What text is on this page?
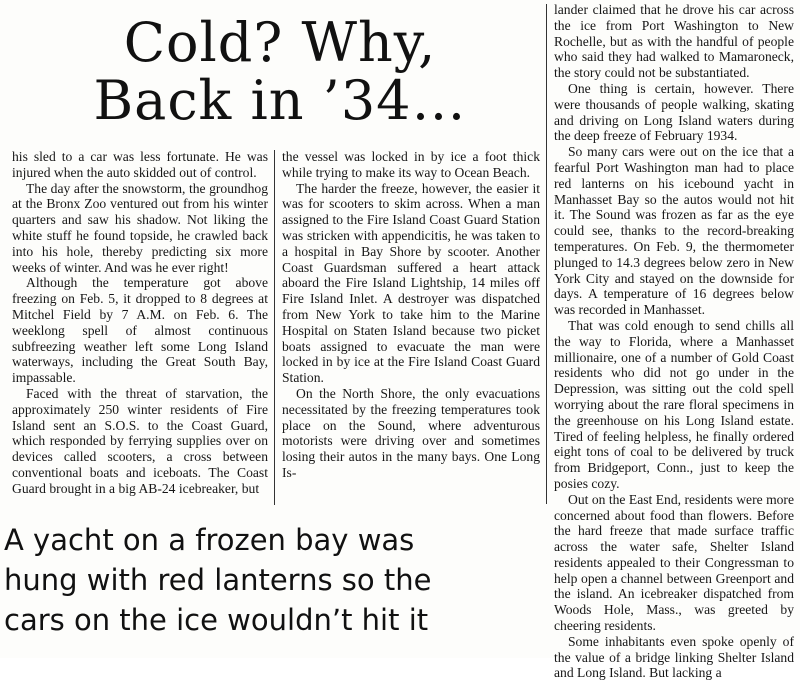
Cold? Why,
Back in ’34…

his sled to a car was less fortunate. He was injured when the auto skidded out of control.

The day after the snowstorm, the groundhog at the Bronx Zoo ventured out from his winter quarters and saw his shadow. Not liking the white stuff he found topside, he crawled back into his hole, thereby predicting six more weeks of winter. And was he ever right!

Although the temperature got above freezing on Feb. 5, it dropped to 8 degrees at Mitchel Field by 7 A.M. on Feb. 6. The weeklong spell of almost continuous subfreezing weather left some Long Island waterways, including the Great South Bay, impassable.

Faced with the threat of starvation, the approximately 250 winter residents of Fire Island sent an S.O.S. to the Coast Guard, which responded by ferrying supplies over on devices called scooters, a cross between conventional boats and iceboats. The Coast Guard brought in a big AB-24 icebreaker, but

the vessel was locked in by ice a foot thick while trying to make its way to Ocean Beach.

The harder the freeze, however, the easier it was for scooters to skim across. When a man assigned to the Fire Island Coast Guard Station was stricken with appendicitis, he was taken to a hospital in Bay Shore by scooter. Another Coast Guardsman suffered a heart attack aboard the Fire Island Lightship, 14 miles off Fire Island Inlet. A destroyer was dispatched from New York to take him to the Marine Hospital on Staten Island because two picket boats assigned to evacuate the man were locked in by ice at the Fire Island Coast Guard Station.

On the North Shore, the only evacuations necessitated by the freezing temperatures took place on the Sound, where adventurous motorists were driving over and sometimes losing their autos in the many bays. One Long Is-

lander claimed that he drove his car across the ice from Port Washington to New Rochelle, but as with the handful of people who said they had walked to Mamaroneck, the story could not be substantiated.

One thing is certain, however. There were thousands of people walking, skating and driving on Long Island waters during the deep freeze of February 1934.

So many cars were out on the ice that a fearful Port Washington man had to place red lanterns on his icebound yacht in Manhasset Bay so the autos would not hit it. The Sound was frozen as far as the eye could see, thanks to the record-breaking temperatures. On Feb. 9, the thermometer plunged to 14.3 degrees below zero in New York City and stayed on the downside for days. A temperature of 16 degrees below was recorded in Manhasset.

That was cold enough to send chills all the way to Florida, where a Manhasset millionaire, one of a number of Gold Coast residents who did not go under in the Depression, was sitting out the cold spell worrying about the rare floral specimens in the greenhouse on his Long Island estate. Tired of feeling helpless, he finally ordered eight tons of coal to be delivered by truck from Bridgeport, Conn., just to keep the posies cozy.

Out on the East End, residents were more concerned about food than flowers. Before the hard freeze that made surface traffic across the water safe, Shelter Island residents appealed to their Congressman to help open a channel between Greenport and the island. An icebreaker dispatched from Woods Hole, Mass., was greeted by cheering residents.

Some inhabitants even spoke openly of the value of a bridge linking Shelter Island and Long Island. But lacking a

A yacht on a frozen bay was
hung with red lanterns so the
cars on the ice wouldn’t hit it
